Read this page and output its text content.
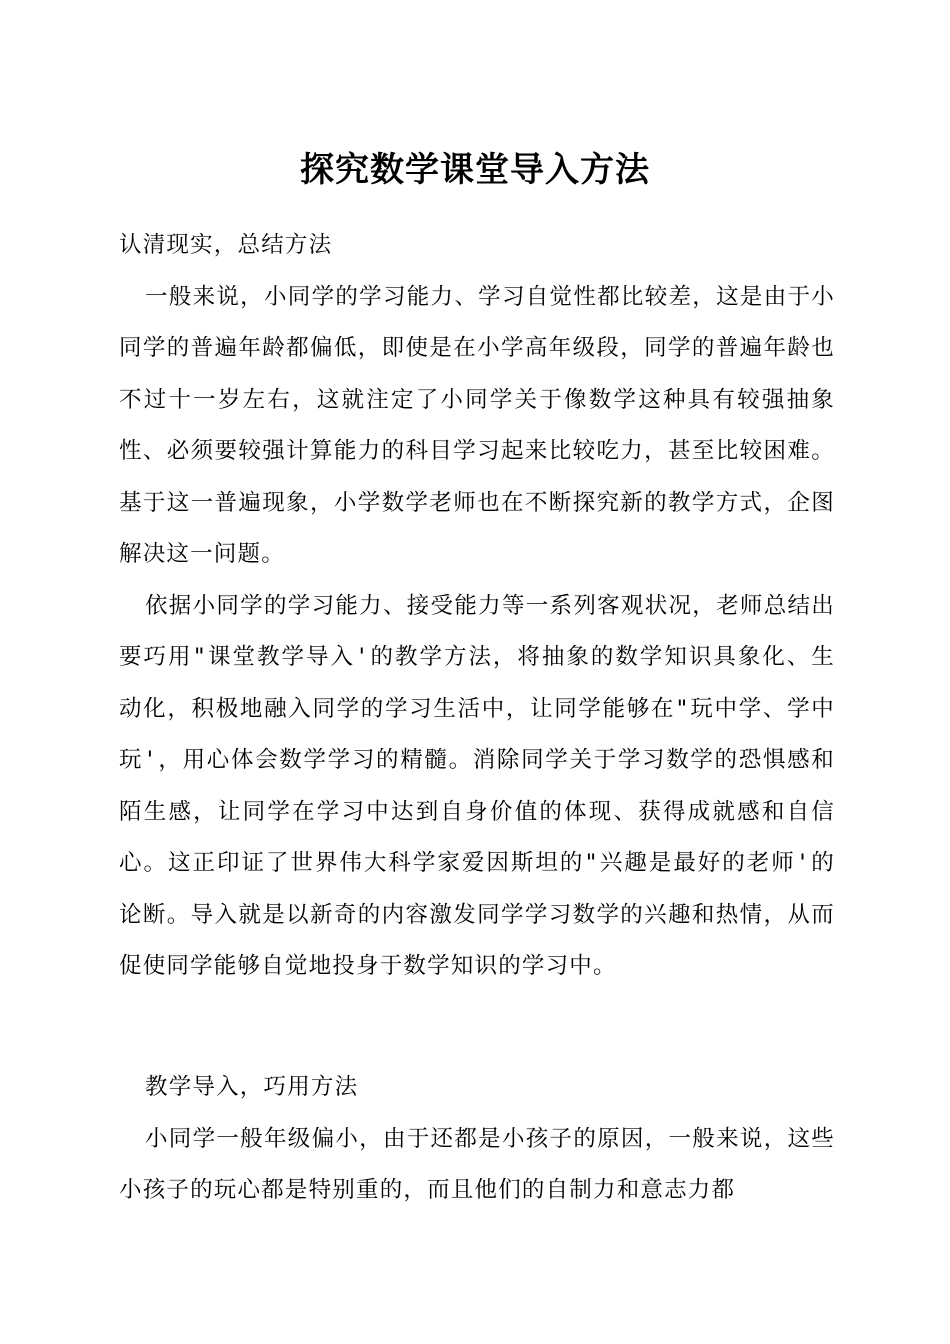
探究数学课堂导入方法

认清现实，总结方法

一般来说，小同学的学习能力、学习自觉性都比较差，这是由于小同学的普遍年龄都偏低，即使是在小学高年级段，同学的普遍年龄也不过十一岁左右，这就注定了小同学关于像数学这种具有较强抽象性、必须要较强计算能力的科目学习起来比较吃力，甚至比较困难。基于这一普遍现象，小学数学老师也在不断探究新的教学方式，企图解决这一问题。

依据小同学的学习能力、接受能力等一系列客观状况，老师总结出要巧用"课堂教学导入'的教学方法，将抽象的数学知识具象化、生动化，积极地融入同学的学习生活中，让同学能够在"玩中学、学中玩'，用心体会数学学习的精髓。消除同学关于学习数学的恐惧感和陌生感，让同学在学习中达到自身价值的体现、获得成就感和自信心。这正印证了世界伟大科学家爱因斯坦的"兴趣是最好的老师'的论断。导入就是以新奇的内容激发同学学习数学的兴趣和热情，从而促使同学能够自觉地投身于数学知识的学习中。

教学导入，巧用方法

小同学一般年级偏小，由于还都是小孩子的原因，一般来说，这些小孩子的玩心都是特别重的，而且他们的自制力和意志力都
